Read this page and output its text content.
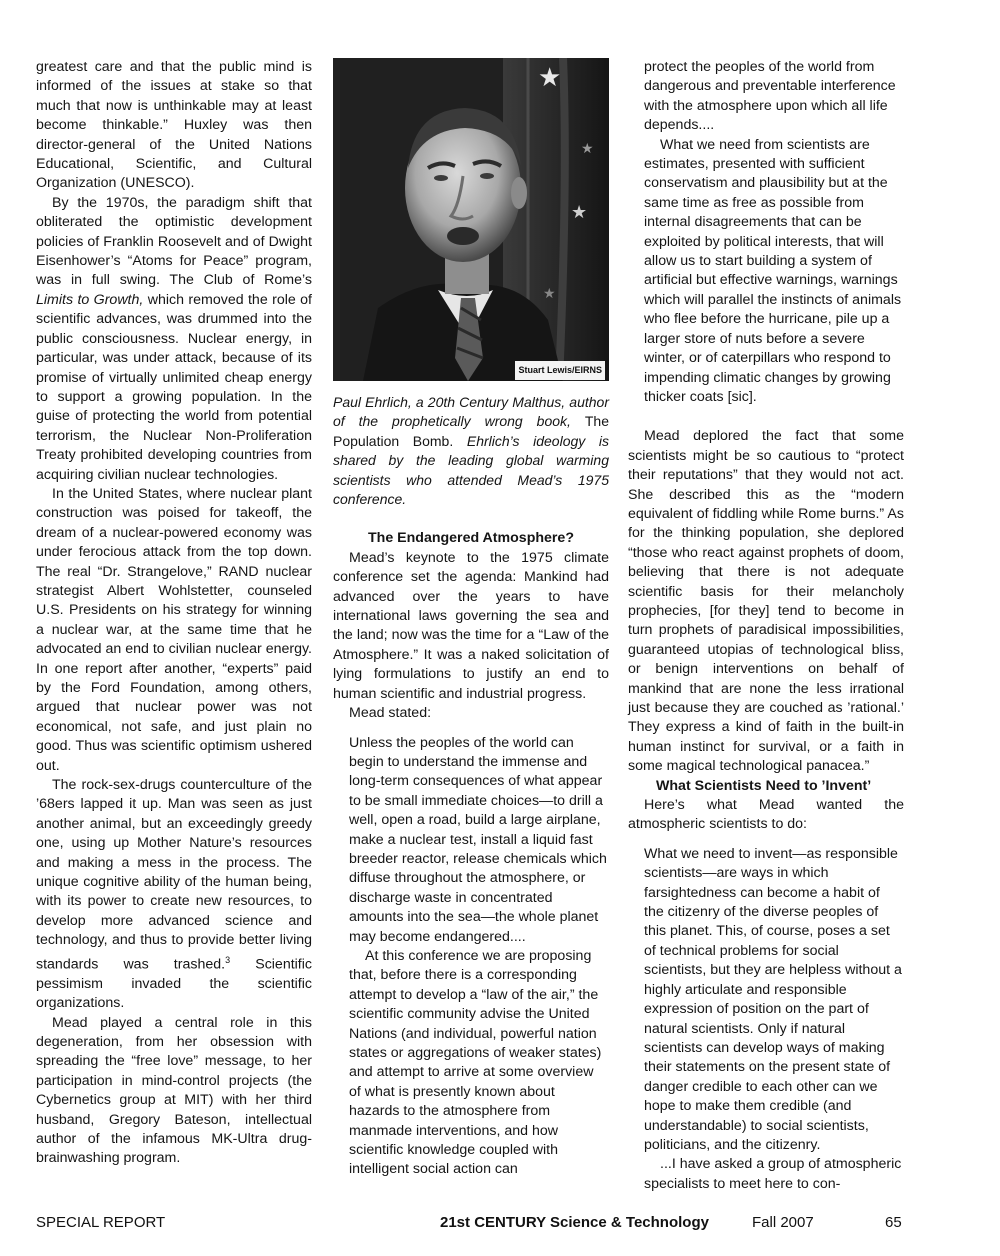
greatest care and that the public mind is informed of the issues at stake so that much that now is unthinkable may at least become thinkable.” Huxley was then director-general of the United Nations Educational, Scientific, and Cultural Organization (UNESCO).

By the 1970s, the paradigm shift that obliterated the optimistic development policies of Franklin Roosevelt and of Dwight Eisenhower’s “Atoms for Peace” program, was in full swing. The Club of Rome’s Limits to Growth, which removed the role of scientific advances, was drummed into the public consciousness. Nuclear energy, in particular, was under attack, because of its promise of virtually unlimited cheap energy to support a growing population. In the guise of protecting the world from potential terrorism, the Nuclear Non-Proliferation Treaty prohibited developing countries from acquiring civilian nuclear technologies.

In the United States, where nuclear plant construction was poised for takeoff, the dream of a nuclear-powered economy was under ferocious attack from the top down. The real “Dr. Strangelove,” RAND nuclear strategist Albert Wohlstetter, counseled U.S. Presidents on his strategy for winning a nuclear war, at the same time that he advocated an end to civilian nuclear energy. In one report after another, “experts” paid by the Ford Foundation, among others, argued that nuclear power was not economical, not safe, and just plain no good. Thus was scientific optimism ushered out.

The rock-sex-drugs counterculture of the ’68ers lapped it up. Man was seen as just another animal, but an exceedingly greedy one, using up Mother Nature’s resources and making a mess in the process. The unique cognitive ability of the human being, with its power to create new resources, to develop more advanced science and technology, and thus to provide better living standards was trashed.$^3$ Scientific pessimism invaded the scientific organizations.

Mead played a central role in this degeneration, from her obsession with spreading the “free love” message, to her participation in mind-control projects (the Cybernetics group at MIT) with her third husband, Gregory Bateson, intellectual author of the infamous MK-Ultra drug-brainwashing program.

★
★
★
★
Stuart Lewis/EIRNS

Paul Ehrlich, a 20th Century Malthus, author of the prophetically wrong book, The Population Bomb. Ehrlich’s ideology is shared by the leading global warming scientists who attended Mead’s 1975 conference.

The Endangered Atmosphere?

Mead’s keynote to the 1975 climate conference set the agenda: Mankind had advanced over the years to have international laws governing the sea and the land; now was the time for a “Law of the Atmosphere.” It was a naked solicitation of lying formulations to justify an end to human scientific and industrial progress.

Mead stated:

Unless the peoples of the world can begin to understand the immense and long-term consequences of what appear to be small immediate choices—to drill a well, open a road, build a large airplane, make a nuclear test, install a liquid fast breeder reactor, release chemicals which diffuse throughout the atmosphere, or discharge waste in concentrated amounts into the sea—the whole planet may become endangered....

At this conference we are proposing that, before there is a corresponding attempt to develop a “law of the air,” the scientific community advise the United Nations (and individual, powerful nation states or aggregations of weaker states) and attempt to arrive at some overview of what is presently known about hazards to the atmosphere from manmade interventions, and how scientific knowledge coupled with intelligent social action can

protect the peoples of the world from dangerous and preventable interference with the atmosphere upon which all life depends....

What we need from scientists are estimates, presented with sufficient conservatism and plausibility but at the same time as free as possible from internal disagreements that can be exploited by political interests, that will allow us to start building a system of artificial but effective warnings, warnings which will parallel the instincts of animals who flee before the hurricane, pile up a larger store of nuts before a severe winter, or of caterpillars who respond to impending climatic changes by growing thicker coats [sic].

Mead deplored the fact that some scientists might be so cautious to “protect their reputations” that they would not act. She described this as the “modern equivalent of fiddling while Rome burns.” As for the thinking population, she deplored “those who react against prophets of doom, believing that there is not adequate scientific basis for their melancholy prophecies, [for they] tend to become in turn prophets of paradisical impossibilities, guaranteed utopias of technological bliss, or benign interventions on behalf of mankind that are none the less irrational just because they are couched as ’rational.’ They express a kind of faith in the built-in human instinct for survival, or a faith in some magical technological panacea.”

What Scientists Need to ’Invent’

Here’s what Mead wanted the atmospheric scientists to do:

What we need to invent—as responsible scientists—are ways in which farsightedness can become a habit of the citizenry of the diverse peoples of this planet. This, of course, poses a set of technical problems for social scientists, but they are helpless without a highly articulate and responsible expression of position on the part of natural scientists. Only if natural scientists can develop ways of making their statements on the present state of danger credible to each other can we hope to make them credible (and understandable) to social scientists, politicians, and the citizenry.

...I have asked a group of atmospheric specialists to meet here to con-

SPECIAL REPORT	21st CENTURY Science & Technology	Fall 2007	65
